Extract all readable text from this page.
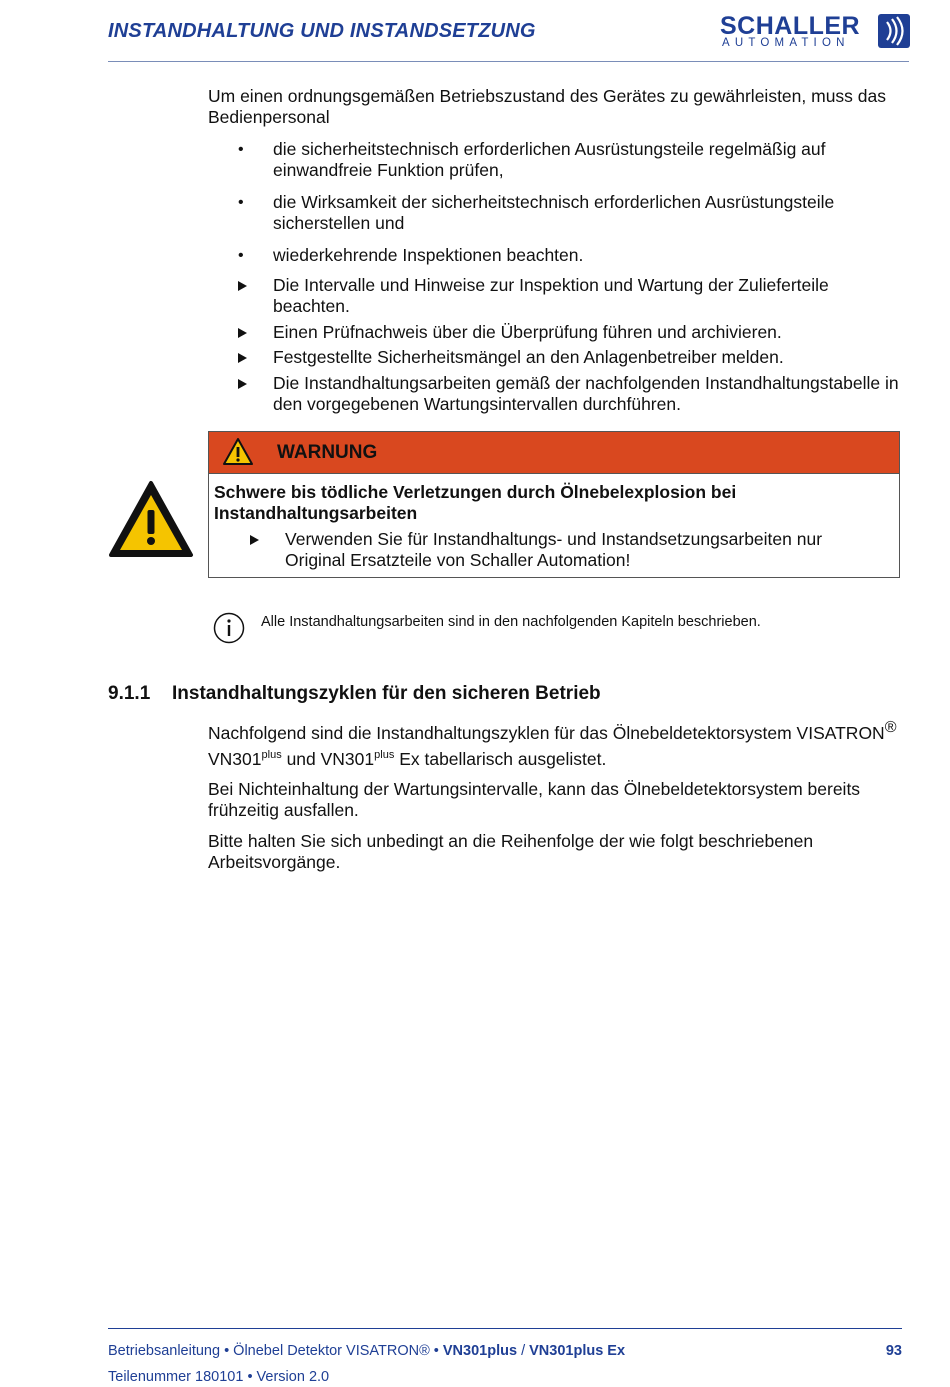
INSTANDHALTUNG UND INSTANDSETZUNG	SCHALLER
AUTOMATION
Um einen ordnungsgemäßen Betriebszustand des Gerätes zu gewährleisten, muss das Bedienpersonal
•	die sicherheitstechnisch erforderlichen Ausrüstungsteile regelmäßig auf einwandfreie Funktion prüfen,
•	die Wirksamkeit der sicherheitstechnisch erforderlichen Ausrüstungsteile sicherstellen und
•	wiederkehrende Inspektionen beachten.
Die Intervalle und Hinweise zur Inspektion und Wartung der Zulieferteile beachten.
Einen Prüfnachweis über die Überprüfung führen und archivieren.
Festgestellte Sicherheitsmängel an den Anlagenbetreiber melden.
Die Instandhaltungsarbeiten gemäß der nachfolgenden Instandhaltungstabelle in den vorgegebenen Wartungsintervallen durchführen.
WARNUNG
Schwere bis tödliche Verletzungen durch Ölnebelexplosion bei Instandhaltungsarbeiten
Verwenden Sie für Instandhaltungs- und Instandsetzungsarbeiten nur Original Ersatzteile von Schaller Automation!
Alle Instandhaltungsarbeiten sind in den nachfolgenden Kapiteln beschrieben.
9.1.1 Instandhaltungszyklen für den sicheren Betrieb
Nachfolgend sind die Instandhaltungszyklen für das Ölnebeldetektorsystem VISATRON® $VN301^{plus}$ und $VN301^{plus}$ Ex tabellarisch ausgelistet.
Bei Nichteinhaltung der Wartungsintervalle, kann das Ölnebeldetektorsystem bereits frühzeitig ausfallen.
Bitte halten Sie sich unbedingt an die Reihenfolge der wie folgt beschriebenen Arbeitsvorgänge.
Betriebsanleitung • Ölnebel Detektor VISATRON® • VN301plus / VN301plus Ex	93
Teilenummer 180101 • Version 2.0
